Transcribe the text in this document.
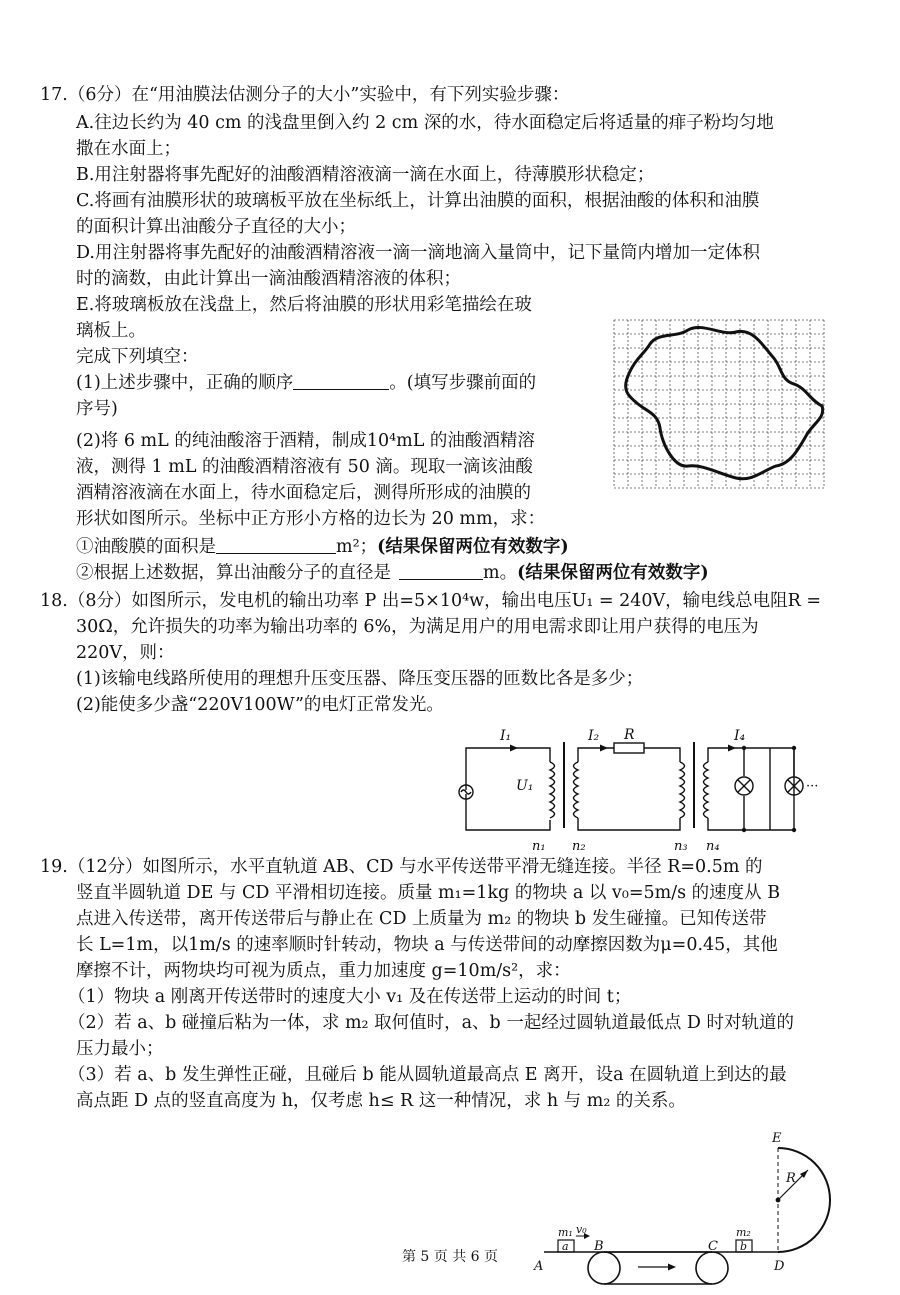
17.（6分）在“用油膜法估测分子的大小”实验中，有下列实验步骤：
A.往边长约为 40 cm 的浅盘里倒入约 2 cm 深的水，待水面稳定后将适量的痱子粉均匀地
撒在水面上；
B.用注射器将事先配好的油酸酒精溶液滴一滴在水面上，待薄膜形状稳定；
C.将画有油膜形状的玻璃板平放在坐标纸上，计算出油膜的面积，根据油酸的体积和油膜
的面积计算出油酸分子直径的大小；
D.用注射器将事先配好的油酸酒精溶液一滴一滴地滴入量筒中，记下量筒内增加一定体积
时的滴数，由此计算出一滴油酸酒精溶液的体积；
E.将玻璃板放在浅盘上，然后将油膜的形状用彩笔描绘在玻
璃板上。
完成下列填空：
(1)上述步骤中，正确的顺序	。(填写步骤前面的
序号)
(2)将 6 mL 的纯油酸溶于酒精，制成10⁴mL 的油酸酒精溶
液，测得 1 mL 的油酸酒精溶液有 50 滴。现取一滴该油酸
酒精溶液滴在水面上，待水面稳定后，测得所形成的油膜的
形状如图所示。坐标中正方形小方格的边长为 20 mm，求：
①油酸膜的面积是	m²；(结果保留两位有效数字)
②根据上述数据，算出油酸分子的直径是	m。(结果保留两位有效数字)
18.（8分）如图所示，发电机的输出功率 P 出=5×10⁴w，输出电压U₁ = 240V，输电线总电阻R =
30Ω，允许损失的功率为输出功率的 6%，为满足用户的用电需求即让用户获得的电压为
220V，则：
(1)该输电线路所使用的理想升压变压器、降压变压器的匝数比各是多少；
(2)能使多少盏“220V100W”的电灯正常发光。
I₁	I₂ R	I₄
U₁
n₁ n₂	n₃ n₄
···
19.（12分）如图所示，水平直轨道 AB、CD 与水平传送带平滑无缝连接。半径 R=0.5m 的
竖直半圆轨道 DE 与 CD 平滑相切连接。质量 m₁=1kg 的物块 a 以 v₀=5m/s 的速度从 B
点进入传送带，离开传送带后与静止在 CD 上质量为 m₂ 的物块 b 发生碰撞。已知传送带
长 L=1m，以1m/s 的速率顺时针转动，物块 a 与传送带间的动摩擦因数为μ=0.45，其他
摩擦不计，两物块均可视为质点，重力加速度 g=10m/s²，求：
（1）物块 a 刚离开传送带时的速度大小 v₁ 及在传送带上运动的时间 t；
（2）若 a、b 碰撞后粘为一体，求 m₂ 取何值时，a、b 一起经过圆轨道最低点 D 时对轨道的
压力最小；
（3）若 a、b 发生弹性正碰，且碰后 b 能从圆轨道最高点 E 离开，设a 在圆轨道上到达的最
高点距 D 点的竖直高度为 h，仅考虑 h≤ R 这一种情况，求 h 与 m₂ 的关系。
E
R
m₁ v₀
a B	C
m₂
b
A	D
第 5 页 共 6 页
